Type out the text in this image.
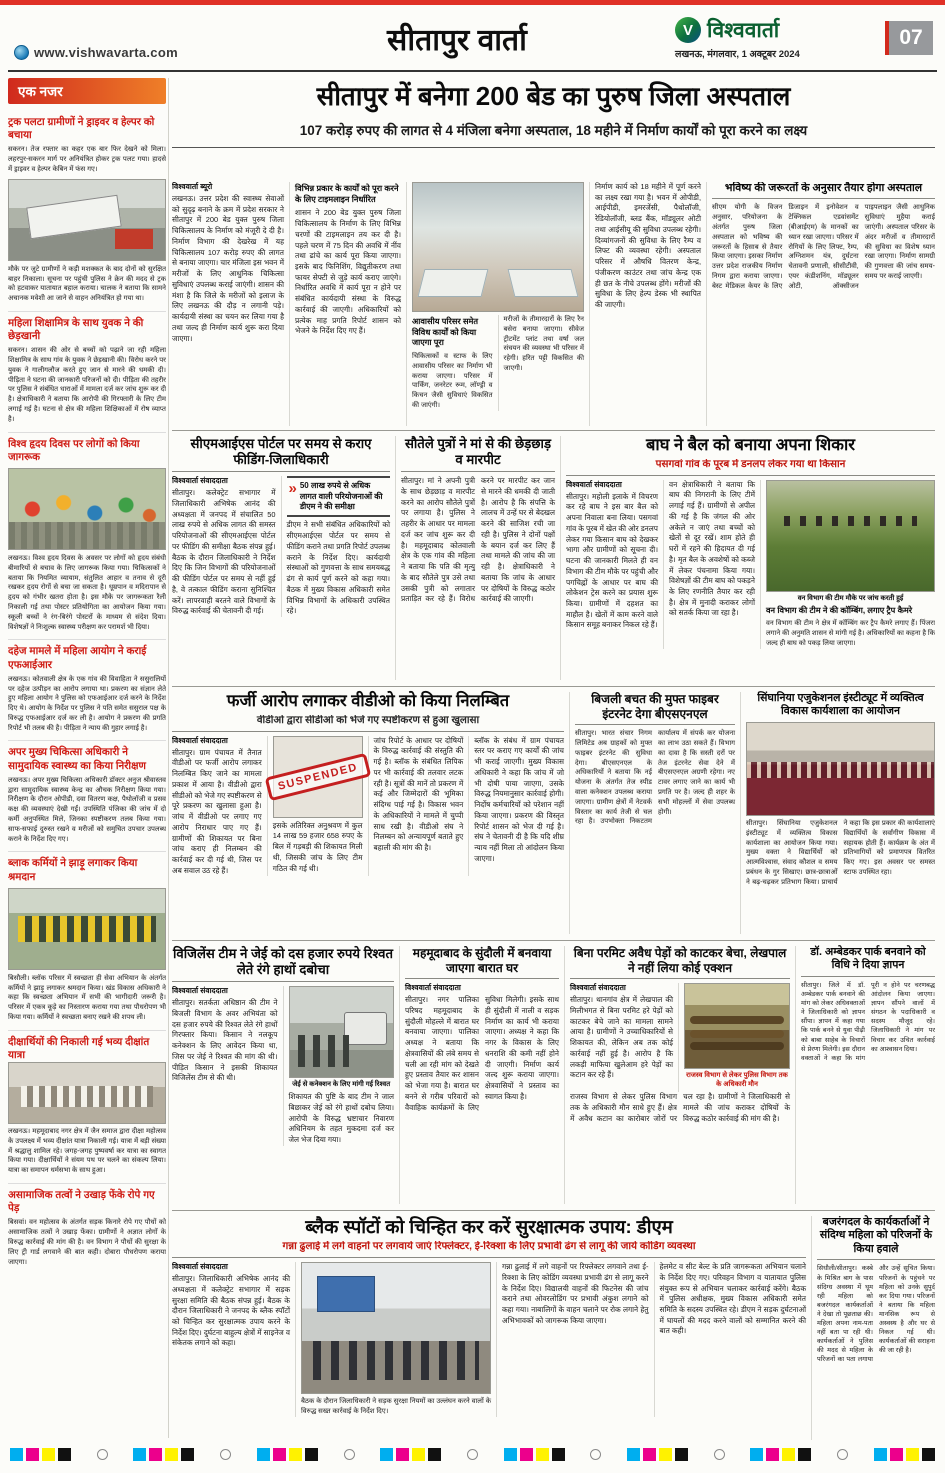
www.vishwavarta.com	सीतापुर वार्ता	V विश्ववार्ता
लखनऊ, मंगलवार, 1 अक्टूबर 2024
07
एक नजर
ट्रक पलटा ग्रामीणों ने ड्राइवर व हेल्पर को बचाया
सकरन। तेज रफ्तार का कहर एक बार फिर देखने को मिला। लहरपुर-सकरन मार्ग पर अनियंत्रित होकर ट्रक पलट गया। हादसे में ड्राइवर व हेल्पर केबिन में फंस गए।
मौके पर जुटे ग्रामीणों ने कड़ी मशक्कत के बाद दोनों को सुरक्षित बाहर निकाला। सूचना पर पहुंची पुलिस ने क्रेन की मदद से ट्रक को हटवाकर यातायात बहाल कराया। चालक ने बताया कि सामने अचानक मवेशी आ जाने से वाहन अनियंत्रित हो गया था।
महिला शिक्षामित्र के साथ युवक ने की छेड़खानी
सकरन। शासन की ओर से बच्चों को पढ़ाने जा रही महिला शिक्षामित्र के साथ गांव के युवक ने छेड़खानी की। विरोध करने पर युवक ने गालीगलौज करते हुए जान से मारने की धमकी दी। पीड़िता ने घटना की जानकारी परिजनों को दी। पीड़िता की तहरीर पर पुलिस ने संबंधित धाराओं में मामला दर्ज कर जांच शुरू कर दी है। क्षेत्राधिकारी ने बताया कि आरोपी की गिरफ्तारी के लिए टीम लगाई गई है। घटना से क्षेत्र की महिला शिक्षिकाओं में रोष व्याप्त है।
विश्व हृदय दिवस पर लोगों को किया जागरूक
लखनऊ। विश्व हृदय दिवस के अवसर पर लोगों को हृदय संबंधी बीमारियों से बचाव के लिए जागरूक किया गया। चिकित्सकों ने बताया कि नियमित व्यायाम, संतुलित आहार व तनाव से दूरी रखकर हृदय रोगों से बचा जा सकता है। धूम्रपान व मदिरापान से हृदय को गंभीर खतरा होता है। इस मौके पर जागरूकता रैली निकाली गई तथा पोस्टर प्रतियोगिता का आयोजन किया गया। स्कूली बच्चों ने रंग-बिरंगे पोस्टरों के माध्यम से संदेश दिया। विशेषज्ञों ने निःशुल्क स्वास्थ्य परीक्षण कर परामर्श भी दिया।
दहेज मामले में महिला आयोग ने कराई एफआईआर
लखनऊ। कोतवाली क्षेत्र के एक गांव की विवाहिता ने ससुरालियों पर दहेज उत्पीड़न का आरोप लगाया था। प्रकरण का संज्ञान लेते हुए महिला आयोग ने पुलिस को एफआईआर दर्ज करने के निर्देश दिए थे। आयोग के निर्देश पर पुलिस ने पति समेत ससुराल पक्ष के विरुद्ध एफआईआर दर्ज कर ली है। आयोग ने प्रकरण की प्रगति रिपोर्ट भी तलब की है। पीड़िता ने न्याय की गुहार लगाई है।
अपर मुख्य चिकित्सा अधिकारी ने सामुदायिक स्वास्थ्य का किया निरीक्षण
लखनऊ। अपर मुख्य चिकित्सा अधिकारी डॉक्टर अनुज श्रीवास्तव द्वारा सामुदायिक स्वास्थ्य केन्द्र का औचक निरीक्षण किया गया। निरीक्षण के दौरान ओपीडी, दवा वितरण कक्ष, पैथोलॉजी व प्रसव कक्ष की व्यवस्थाएं देखी गईं। उपस्थिति पंजिका की जांच में दो कर्मी अनुपस्थित मिले, जिनका स्पष्टीकरण तलब किया गया। साफ-सफाई दुरुस्त रखने व मरीजों को समुचित उपचार उपलब्ध कराने के निर्देश दिए गए।
ब्लाक कर्मियों ने झाड़ू लगाकर किया श्रमदान
बिसौली। ब्लॉक परिसर में स्वच्छता ही सेवा अभियान के अंतर्गत कर्मियों ने झाड़ू लगाकर श्रमदान किया। खंड विकास अधिकारी ने कहा कि स्वच्छता अभियान में सभी की भागीदारी जरूरी है। परिसर में एकत्र कूड़े का निस्तारण कराया गया तथा पौधरोपण भी किया गया। कर्मियों ने स्वच्छता बनाए रखने की शपथ ली।
दीक्षार्थियों की निकाली गई भव्य दीक्षांत यात्रा
लखनऊ। महमूदाबाद नगर क्षेत्र में जैन समाज द्वारा दीक्षा महोत्सव के उपलक्ष्य में भव्य दीक्षांत यात्रा निकाली गई। यात्रा में बड़ी संख्या में श्रद्धालु शामिल रहे। जगह-जगह पुष्पवर्षा कर यात्रा का स्वागत किया गया। दीक्षार्थियों ने संयम पथ पर चलने का संकल्प लिया। यात्रा का समापन धर्मसभा के साथ हुआ।
असामाजिक तत्वों ने उखाड़ फेंके रोपे गए पेड़
बिसवां। वन महोत्सव के अंतर्गत सड़क किनारे रोपे गए पौधों को असामाजिक तत्वों ने उखाड़ फेंका। ग्रामीणों ने अज्ञात लोगों के विरुद्ध कार्रवाई की मांग की है। वन विभाग ने पौधों की सुरक्षा के लिए ट्री गार्ड लगवाने की बात कही। दोबारा पौधरोपण कराया जाएगा।
सीतापुर में बनेगा 200 बेड का पुरुष जिला अस्पताल
107 करोड़ रुपए की लागत से 4 मंजिला बनेगा अस्पताल, 18 महीने में निर्माण कार्यों को पूरा करने का लक्ष्य
विश्ववार्ता ब्यूरो
लखनऊ। उत्तर प्रदेश की स्वास्थ्य सेवाओं को सुदृढ़ बनाने के क्रम में प्रदेश सरकार ने सीतापुर में 200 बेड युक्त पुरुष जिला चिकित्सालय के निर्माण को मंजूरी दे दी है। निर्माण विभाग की देखरेख में यह चिकित्सालय 107 करोड़ रुपए की लागत से बनाया जाएगा। चार मंजिला इस भवन में मरीजों के लिए आधुनिक चिकित्सा सुविधाएं उपलब्ध कराई जाएंगी। शासन की मंशा है कि जिले के मरीजों को इलाज के लिए लखनऊ की दौड़ न लगानी पड़े। कार्यदायी संस्था का चयन कर लिया गया है तथा जल्द ही निर्माण कार्य शुरू करा दिया जाएगा।
विभिन्न प्रकार के कार्यों को पूरा करने के लिए टाइमलाइन निर्धारित
शासन ने 200 बेड युक्त पुरुष जिला चिकित्सालय के निर्माण के लिए विभिन्न चरणों की टाइमलाइन तय कर दी है। पहले चरण में 75 दिन की अवधि में नींव तथा ढांचे का कार्य पूरा किया जाएगा। इसके बाद फिनिशिंग, विद्युतीकरण तथा फायर सेफ्टी से जुड़े कार्य कराए जाएंगे। निर्धारित अवधि में कार्य पूरा न होने पर संबंधित कार्यदायी संस्था के विरुद्ध कार्रवाई की जाएगी। अधिकारियों को प्रत्येक माह प्रगति रिपोर्ट शासन को भेजने के निर्देश दिए गए हैं।
आवासीय परिसर समेत विविध कार्यों को किया जाएगा पूरा
चिकित्सकों व स्टाफ के लिए आवासीय परिसर का निर्माण भी कराया जाएगा। परिसर में पार्किंग, जनरेटर रूम, लॉण्ड्री व किचन जैसी सुविधाएं विकसित की जाएंगी।
मरीजों के तीमारदारों के लिए रैन बसेरा बनाया जाएगा। सीवेज ट्रीटमेंट प्लांट तथा वर्षा जल संचयन की व्यवस्था भी परिसर में रहेगी। हरित पट्टी विकसित की जाएगी।
निर्माण कार्य को 18 महीने में पूर्ण करने का लक्ष्य रखा गया है। भवन में ओपीडी, आईपीडी, इमरजेंसी, पैथोलॉजी, रेडियोलॉजी, ब्लड बैंक, मॉड्यूलर ओटी तथा आईसीयू की सुविधा उपलब्ध रहेगी। दिव्यांगजनों की सुविधा के लिए रैम्प व लिफ्ट की व्यवस्था रहेगी। अस्पताल परिसर में औषधि वितरण केन्द्र, पंजीकरण काउंटर तथा जांच केन्द्र एक ही छत के नीचे उपलब्ध होंगे। मरीजों की सुविधा के लिए हेल्प डेस्क भी स्थापित की जाएगी।
भविष्य की जरूरतों के अनुसार तैयार होगा अस्पताल
सीएम योगी के विजन अनुसार, परियोजना के अंतर्गत पुरुष जिला अस्पताल को भविष्य की जरूरतों के हिसाब से तैयार किया जाएगा। इसका निर्माण उत्तर प्रदेश राजकीय निर्माण निगम द्वारा कराया जाएगा। बेस्ट मेडिकल केयर के लिए डिजाइन में इनोवेशन व टेक्निकल एडवांसमेंट (बीआईएम) के मानकों का ध्यान रखा जाएगा। परिसर में रोगियों के लिए लिफ्ट, रैम्प, अग्निशमन यंत्र, दुर्घटना चेतावनी प्रणाली, सीसीटीवी, एयर कंडीशनिंग, मॉड्यूलर ओटी, ऑक्सीजन पाइपलाइन जैसी आधुनिक सुविधाएं मुहैया कराई जाएंगी। अस्पताल परिसर के अंदर मरीजों व तीमारदारों की सुविधा का विशेष ध्यान रखा जाएगा। निर्माण सामग्री की गुणवत्ता की जांच समय-समय पर कराई जाएगी।
सीएमआईएस पोर्टल पर समय से कराए फीडिंग-जिलाधिकारी
विश्ववार्ता संवाददाता
सीतापुर। कलेक्ट्रेट सभागार में जिलाधिकारी अभिषेक आनंद की अध्यक्षता में जनपद में संचालित 50 लाख रुपये से अधिक लागत की समस्त परियोजनाओं की सीएमआईएस पोर्टल पर फीडिंग की समीक्षा बैठक संपन्न हुई। बैठक के दौरान जिलाधिकारी ने निर्देश दिए कि जिन विभागों की परियोजनाओं की फीडिंग पोर्टल पर समय से नहीं हुई है, वे तत्काल फीडिंग कराना सुनिश्चित करें। लापरवाही बरतने वाले विभागों के विरुद्ध कार्रवाई की चेतावनी दी गई।
» 50 लाख रुपये से अधिक लागत वाली परियोजनाओं की डीएम ने की समीक्षा
डीएम ने सभी संबंधित अधिकारियों को सीएमआईएस पोर्टल पर समय से फीडिंग कराने तथा प्रगति रिपोर्ट उपलब्ध कराने के निर्देश दिए। कार्यदायी संस्थाओं को गुणवत्ता के साथ समयबद्ध ढंग से कार्य पूर्ण करने को कहा गया। बैठक में मुख्य विकास अधिकारी समेत विभिन्न विभागों के अधिकारी उपस्थित रहे।
सौते‌ले पुत्रों ने मां से की छेड़छाड़ व मारपीट
सीतापुर। मां ने अपनी पुत्री के साथ छेड़छाड़ व मारपीट करने का आरोप सौतेले पुत्रों पर लगाया है। पुलिस ने तहरीर के आधार पर मामला दर्ज कर जांच शुरू कर दी है। महमूदाबाद कोतवाली क्षेत्र के एक गांव की महिला ने बताया कि पति की मृत्यु के बाद सौतेले पुत्र उसे तथा उसकी पुत्री को लगातार प्रताड़ित कर रहे हैं। विरोध करने पर मारपीट कर जान से मारने की धमकी दी जाती है। आरोप है कि संपत्ति के लालच में उन्हें घर से बेदखल करने की साजिश रची जा रही है। पुलिस ने दोनों पक्षों के बयान दर्ज कर लिए हैं तथा मामले की जांच की जा रही है। क्षेत्राधिकारी ने बताया कि जांच के आधार पर दोषियों के विरुद्ध कठोर कार्रवाई की जाएगी।
बाघ ने बैल को बनाया अपना शिकार
पसगवां गांव के पूरब में डनलप लेकर गया था किसान
विश्ववार्ता संवाददाता
सीतापुर। महोली इलाके में विचरण कर रहे बाघ ने इस बार बैल को अपना निवाला बना लिया। पसगवां गांव के पूरब में खेत की ओर डनलप लेकर गया किसान बाघ को देखकर भागा और ग्रामीणों को सूचना दी। घटना की जानकारी मिलते ही वन विभाग की टीम मौके पर पहुंची और पगचिह्नों के आधार पर बाघ की लोकेशन ट्रेस करने का प्रयास शुरू किया। ग्रामीणों में दहशत का माहौल है। खेतों में काम करने वाले किसान समूह बनाकर निकल रहे हैं।
वन क्षेत्राधिकारी ने बताया कि बाघ की निगरानी के लिए टीमें लगाई गई हैं। ग्रामीणों से अपील की गई है कि जंगल की ओर अकेले न जाएं तथा बच्चों को खेतों से दूर रखें। शाम होते ही घरों में रहने की हिदायत दी गई है। मृत बैल के अवशेषों को कब्जे में लेकर पंचनामा किया गया। विशेषज्ञों की टीम बाघ को पकड़ने के लिए रणनीति तैयार कर रही है। क्षेत्र में मुनादी कराकर लोगों को सतर्क किया जा रहा है।
वन विभाग की टीम मौके पर जांच करती हुई
वन विभाग की टीम ने की कॉम्बिंग, लगाए ट्रैप कैमरे
वन विभाग की टीम ने क्षेत्र में कॉम्बिंग कर ट्रैप कैमरे लगाए हैं। पिंजरा लगाने की अनुमति शासन से मांगी गई है। अधिकारियों का कहना है कि जल्द ही बाघ को पकड़ लिया जाएगा।
फर्जी आरोप लगाकर वीडीओ को किया निलम्बित
वीडीओ द्वारा सीडीओ को भेजे गए स्पष्टीकरण से हुआ खुलासा
विश्ववार्ता संवाददाता
सीतापुर। ग्राम पंचायत में तैनात वीडीओ पर फर्जी आरोप लगाकर निलम्बित किए जाने का मामला प्रकाश में आया है। वीडीओ द्वारा सीडीओ को भेजे गए स्पष्टीकरण से पूरे प्रकरण का खुलासा हुआ है। जांच में वीडीओ पर लगाए गए आरोप निराधार पाए गए हैं। ग्रामीणों की शिकायत पर बिना जांच कराए ही निलम्बन की कार्रवाई कर दी गई थी, जिस पर अब सवाल उठ रहे हैं।
SUSPENDED
इसके अतिरिक्त अनुश्रवण में कुल 14 लाख 59 हजार 658 रुपए के बिल में गड़बड़ी की शिकायत मिली थी, जिसकी जांच के लिए टीम गठित की गई थी।
जांच रिपोर्ट के आधार पर दोषियों के विरुद्ध कार्रवाई की संस्तुति की गई है। ब्लॉक के संबंधित लिपिक पर भी कार्रवाई की तलवार लटक रही है। सूत्रों की मानें तो प्रकरण में कई और जिम्मेदारों की भूमिका संदिग्ध पाई गई है। विकास भवन के अधिकारियों ने मामले में चुप्पी साध रखी है। वीडीओ संघ ने निलम्बन को अन्यायपूर्ण बताते हुए बहाली की मांग की है।
ब्लॉक के संबंध में ग्राम पंचायत स्तर पर कराए गए कार्यों की जांच भी कराई जाएगी। मुख्य विकास अधिकारी ने कहा कि जांच में जो भी दोषी पाया जाएगा, उसके विरुद्ध नियमानुसार कार्रवाई होगी। निर्दोष कर्मचारियों को परेशान नहीं किया जाएगा। प्रकरण की विस्तृत रिपोर्ट शासन को भेज दी गई है। संघ ने चेतावनी दी है कि यदि शीघ्र न्याय नहीं मिला तो आंदोलन किया जाएगा।
बिजली बचत की मुफ्त फाइबर इंटरनेट देगा बीएसएनएल
सीतापुर। भारत संचार निगम लिमिटेड अब ग्राहकों को मुफ्त फाइबर इंटरनेट की सुविधा देगा। बीएसएनएल के अधिकारियों ने बताया कि नई योजना के अंतर्गत तेज स्पीड वाला कनेक्शन उपलब्ध कराया जाएगा। ग्रामीण क्षेत्रों में नेटवर्क विस्तार का कार्य तेजी से चल रहा है। उपभोक्ता निकटतम कार्यालय में संपर्क कर योजना का लाभ उठा सकते हैं। विभाग का दावा है कि सस्ती दरों पर तेज इंटरनेट सेवा देने में बीएसएनएल अग्रणी रहेगा। नए टावर लगाए जाने का कार्य भी प्रगति पर है। जल्द ही शहर के सभी मोहल्लों में सेवा उपलब्ध होगी।
सिंघानिया एजुकेशनल इंस्टीट्यूट में व्यक्तित्व विकास कार्यशाला का आयोजन
सीतापुर। सिंघानिया एजुकेशनल इंस्टीट्यूट में व्यक्तित्व विकास कार्यशाला का आयोजन किया गया। मुख्य वक्ता ने विद्यार्थियों को आत्मविश्वास, संवाद कौशल व समय प्रबंधन के गुर सिखाए। छात्र-छात्राओं ने बढ़-चढ़कर प्रतिभाग किया। प्राचार्य ने कहा कि इस प्रकार की कार्यशालाएं विद्यार्थियों के सर्वांगीण विकास में सहायक होती हैं। कार्यक्रम के अंत में प्रतिभागियों को प्रमाणपत्र वितरित किए गए। इस अवसर पर समस्त स्टाफ उपस्थित रहा।
विजिलेंस टीम ने जेई को दस हजार रुपये रिश्वत लेते रंगे हाथों दबोचा
विश्ववार्ता संवाददाता
सीतापुर। सतर्कता अधिष्ठान की टीम ने बिजली विभाग के अवर अभियंता को दस हजार रुपये की रिश्वत लेते रंगे हाथों गिरफ्तार किया। किसान ने नलकूप कनेक्शन के लिए आवेदन किया था, जिस पर जेई ने रिश्वत की मांग की थी। पीड़ित किसान ने इसकी शिकायत विजिलेंस टीम से की थी।
जेई से कनेक्शन के लिए मांगी गई रिश्वत
शिकायत की पुष्टि के बाद टीम ने जाल बिछाकर जेई को रंगे हाथों दबोच लिया। आरोपी के विरुद्ध भ्रष्टाचार निवारण अधिनियम के तहत मुकदमा दर्ज कर जेल भेज दिया गया।
महमूदाबाद के सुंदौली में बनवाया जाएगा बारात घर
विश्ववार्ता संवाददाता
सीतापुर। नगर पालिका परिषद महमूदाबाद के सुंदौली मोहल्ले में बारात घर बनवाया जाएगा। पालिका अध्यक्ष ने बताया कि क्षेत्रवासियों की लंबे समय से चली आ रही मांग को देखते हुए प्रस्ताव तैयार कर शासन को भेजा गया है। बारात घर बनने से गरीब परिवारों को वैवाहिक कार्यक्रमों के लिए सुविधा मिलेगी। इसके साथ ही सुंदौली में नाली व सड़क निर्माण का कार्य भी कराया जाएगा। अध्यक्ष ने कहा कि नगर के विकास के लिए धनराशि की कमी नहीं होने दी जाएगी। निर्माण कार्य जल्द शुरू कराया जाएगा। क्षेत्रवासियों ने प्रस्ताव का स्वागत किया है।
बिना परमिट अवैध पेड़ों को काटकर बेचा, लेखपाल ने नहीं लिया कोई एक्शन
विश्ववार्ता संवाददाता
सीतापुर। थानगांव क्षेत्र में लेखपाल की मिलीभगत से बिना परमिट हरे पेड़ों को काटकर बेचे जाने का मामला सामने आया है। ग्रामीणों ने उच्चाधिकारियों से शिकायत की, लेकिन अब तक कोई कार्रवाई नहीं हुई है। आरोप है कि लकड़ी माफिया खुलेआम हरे पेड़ों का कटान कर रहे हैं।	राजस्व विभाग से लेकर पुलिस विभाग तक के अधिकारी मौन
राजस्व विभाग से लेकर पुलिस विभाग तक के अधिकारी मौन साधे हुए हैं। क्षेत्र में अवैध कटान का कारोबार जोरों पर चल रहा है। ग्रामीणों ने जिलाधिकारी से मामले की जांच कराकर दोषियों के विरुद्ध कठोर कार्रवाई की मांग की है।
डॉ. अम्बेडकर पार्क बनवाने को विधि ने दिया ज्ञापन
सीतापुर। जिले में डॉ. अम्बेडकर पार्क बनवाने की मांग को लेकर अधिवक्ताओं ने जिलाधिकारी को ज्ञापन सौंपा। ज्ञापन में कहा गया कि पार्क बनने से युवा पीढ़ी को बाबा साहेब के विचारों से प्रेरणा मिलेगी। इस दौरान वक्ताओं ने कहा कि मांग पूरी न होने पर चरणबद्ध आंदोलन किया जाएगा। ज्ञापन सौंपने वालों में संगठन के पदाधिकारी व सदस्य मौजूद रहे। जिलाधिकारी ने मांग पर विचार कर उचित कार्रवाई का आश्वासन दिया।
ब्लैक स्पॉटों को चिन्हित कर करें सुरक्षात्मक उपाय: डीएम
गन्ना ढुलाई में लगे वाहनों पर लगवाये जाएं रिफ्लेक्टर, ई-रिक्शा के लिए प्रभावी ढंग से लागू की जाये कोडिंग व्यवस्था
विश्ववार्ता संवाददाता
सीतापुर। जिलाधिकारी अभिषेक आनंद की अध्यक्षता में कलेक्ट्रेट सभागार में सड़क सुरक्षा समिति की बैठक संपन्न हुई। बैठक के दौरान जिलाधिकारी ने जनपद के ब्लैक स्पॉटों को चिन्हित कर सुरक्षात्मक उपाय करने के निर्देश दिए। दुर्घटना बाहुल्य क्षेत्रों में साइनेज व संकेतक लगाने को कहा।
बैठक के दौरान जिलाधिकारी ने सड़क सुरक्षा नियमों का उल्लंघन करने वालों के विरुद्ध सख्त कार्रवाई के निर्देश दिए।
गन्ना ढुलाई में लगे वाहनों पर रिफ्लेक्टर लगवाने तथा ई-रिक्शा के लिए कोडिंग व्यवस्था प्रभावी ढंग से लागू करने के निर्देश दिए। विद्यालयी वाहनों की फिटनेस की जांच कराने तथा ओवरलोडिंग पर प्रभावी अंकुश लगाने को कहा गया। नाबालिगों के वाहन चलाने पर रोक लगाने हेतु अभिभावकों को जागरूक किया जाएगा।
हेलमेट व सीट बेल्ट के प्रति जागरूकता अभियान चलाने के निर्देश दिए गए। परिवहन विभाग व यातायात पुलिस संयुक्त रूप से अभियान चलाकर कार्रवाई करेंगे। बैठक में पुलिस अधीक्षक, मुख्य विकास अधिकारी समेत समिति के सदस्य उपस्थित रहे। डीएम ने सड़क दुर्घटनाओं में घायलों की मदद करने वालों को सम्मानित करने की बात कही।
बजरंगदल के कार्यकर्ताओं ने संदिग्ध महिला को परिजनों के किया हवाले
सिधौली/सीतापुर। कस्बे के मिश्रित बाग के पास संदिग्ध अवस्था में घूम रही महिला को बजरंगदल कार्यकर्ताओं ने देखा तो पूछताछ की। महिला अपना नाम-पता नहीं बता पा रही थी। कार्यकर्ताओं ने पुलिस की मदद से महिला के परिजनों का पता लगाया और उन्हें सूचित किया। परिजनों के पहुंचने पर महिला को उनके सुपुर्द कर दिया गया। परिजनों ने बताया कि महिला मानसिक रूप से अस्वस्थ है और घर से निकल गई थी। कार्यकर्ताओं की सराहना की जा रही है।
